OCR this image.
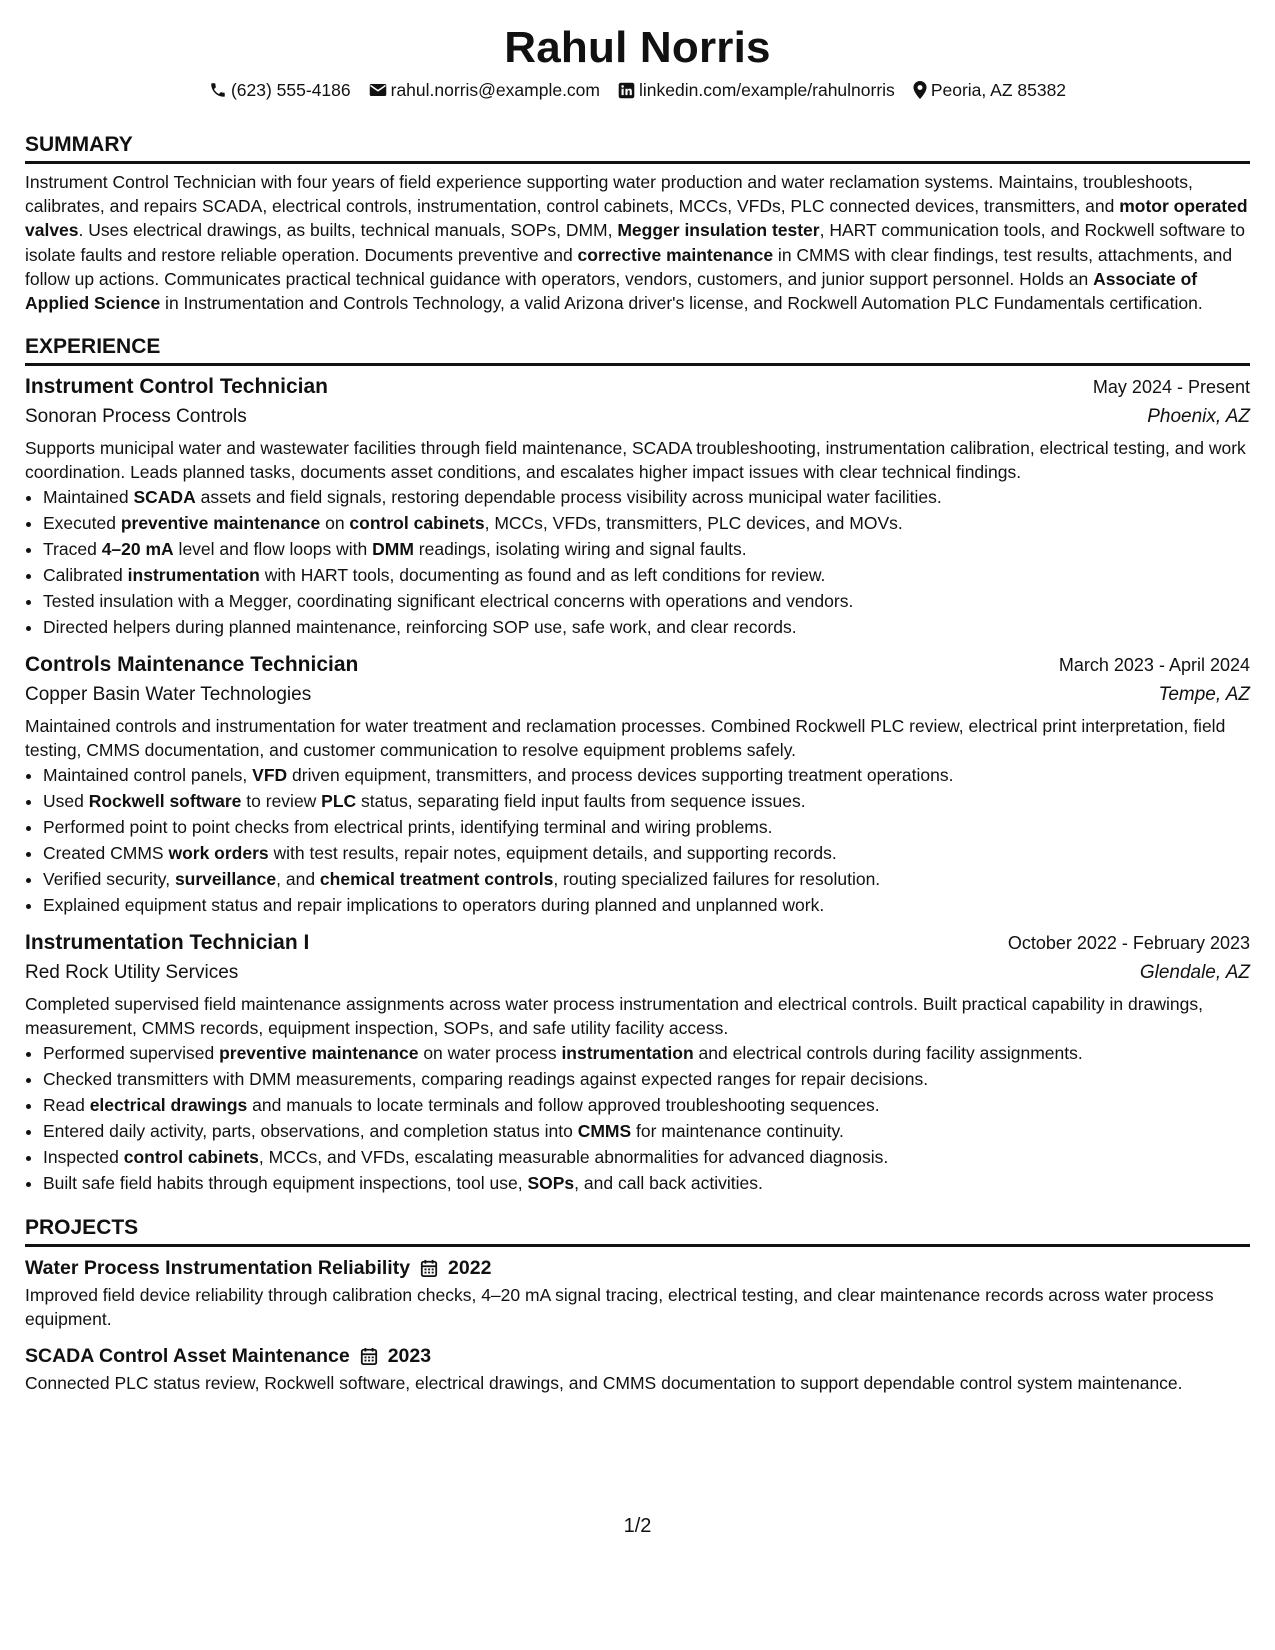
Rahul Norris
(623) 555-4186 rahul.norris@example.com linkedin.com/example/rahulnorris Peoria, AZ 85382
SUMMARY

Instrument Control Technician with four years of field experience supporting water production and water reclamation systems. Maintains, troubleshoots, calibrates, and repairs SCADA, electrical controls, instrumentation, control cabinets, MCCs, VFDs, PLC connected devices, transmitters, and motor operated valves. Uses electrical drawings, as builts, technical manuals, SOPs, DMM, Megger insulation tester, HART communication tools, and Rockwell software to isolate faults and restore reliable operation. Documents preventive and corrective maintenance in CMMS with clear findings, test results, attachments, and follow up actions. Communicates practical technical guidance with operators, vendors, customers, and junior support personnel. Holds an Associate of Applied Science in Instrumentation and Controls Technology, a valid Arizona driver's license, and Rockwell Automation PLC Fundamentals certification.

EXPERIENCE
Instrument Control Technician	May 2024 - Present
Sonoran Process Controls	Phoenix, AZ

Supports municipal water and wastewater facilities through field maintenance, SCADA troubleshooting, instrumentation calibration, electrical testing, and work coordination. Leads planned tasks, documents asset conditions, and escalates higher impact issues with clear technical findings.

• Maintained SCADA assets and field signals, restoring dependable process visibility across municipal water facilities.
• Executed preventive maintenance on control cabinets, MCCs, VFDs, transmitters, PLC devices, and MOVs.
• Traced 4–20 mA level and flow loops with DMM readings, isolating wiring and signal faults.
• Calibrated instrumentation with HART tools, documenting as found and as left conditions for review.
• Tested insulation with a Megger, coordinating significant electrical concerns with operations and vendors.
• Directed helpers during planned maintenance, reinforcing SOP use, safe work, and clear records.
Controls Maintenance Technician	March 2023 - April 2024
Copper Basin Water Technologies	Tempe, AZ

Maintained controls and instrumentation for water treatment and reclamation processes. Combined Rockwell PLC review, electrical print interpretation, field testing, CMMS documentation, and customer communication to resolve equipment problems safely.

• Maintained control panels, VFD driven equipment, transmitters, and process devices supporting treatment operations.
• Used Rockwell software to review PLC status, separating field input faults from sequence issues.
• Performed point to point checks from electrical prints, identifying terminal and wiring problems.
• Created CMMS work orders with test results, repair notes, equipment details, and supporting records.
• Verified security, surveillance, and chemical treatment controls, routing specialized failures for resolution.
• Explained equipment status and repair implications to operators during planned and unplanned work.
Instrumentation Technician I	October 2022 - February 2023
Red Rock Utility Services	Glendale, AZ

Completed supervised field maintenance assignments across water process instrumentation and electrical controls. Built practical capability in drawings, measurement, CMMS records, equipment inspection, SOPs, and safe utility facility access.

• Performed supervised preventive maintenance on water process instrumentation and electrical controls during facility assignments.
• Checked transmitters with DMM measurements, comparing readings against expected ranges for repair decisions.
• Read electrical drawings and manuals to locate terminals and follow approved troubleshooting sequences.
• Entered daily activity, parts, observations, and completion status into CMMS for maintenance continuity.
• Inspected control cabinets, MCCs, and VFDs, escalating measurable abnormalities for advanced diagnosis.
• Built safe field habits through equipment inspections, tool use, SOPs, and call back activities.
PROJECTS
Water Process Instrumentation Reliability 2022

Improved field device reliability through calibration checks, 4–20 mA signal tracing, electrical testing, and clear maintenance records across water process equipment.

SCADA Control Asset Maintenance 2023

Connected PLC status review, Rockwell software, electrical drawings, and CMMS documentation to support dependable control system maintenance.

1/2
